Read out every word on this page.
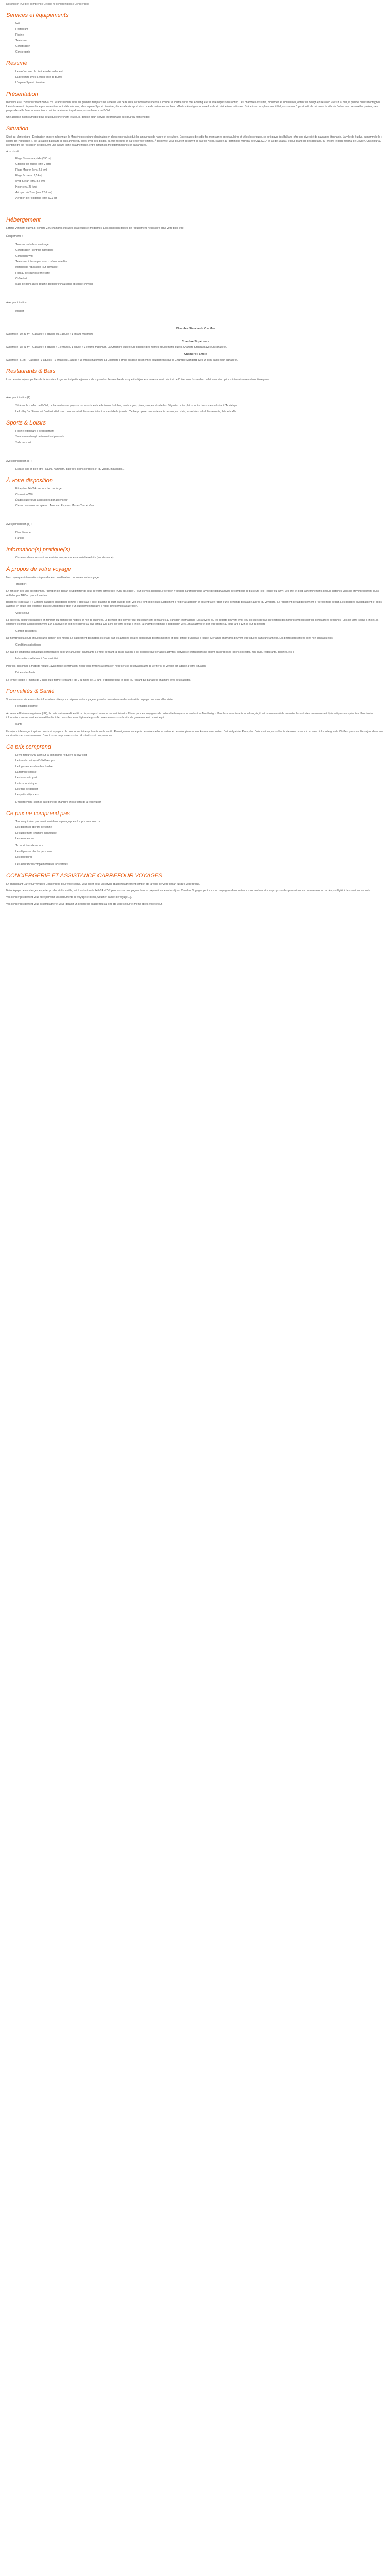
Description | Ce prix comprend | Ce prix ne comprend pas | Conciergerie
Services et équipements
• Wifi
• Restaurant
• Piscine
• Télévision
• Climatisation
• Conciergerie
Résumé
• Le rooftop avec la piscine à débordement
• La proximité avec la vieille ville de Budva
• L'espace Spa et bien-être
Présentation

Bienvenue au l'Hotel Vertmont Budva 5*! L'établissement situé au pied des remparts de la vieille ville de Budva, cet hôtel offre une vue à couper le souffle sur la mer Adriatique et la ville depuis son rooftop. Les chambres et suites, modernes et lumineuses, offrent un design épuré avec vue sur la mer, la piscine ou les montagnes. L'établissement dispose d'une piscine extérieure à débordement, d'un espace Spa et bien-être, d'une salle de sport, ainsi que de restaurants et bars raffinés mêlant gastronomie locale et cuisine internationale. Grâce à son emplacement idéal, vous aurez l'opportunité de découvrir la ville de Budva avec ses ruelles pavées, ses plages de sable fin et son ambiance méditerranéenne, à quelques pas seulement de l'hôtel.

Une adresse incontournable pour ceux qui recherchent le luxe, la détente et un service irréprochable au cœur du Monténégro.

Situation

Situé au Monténégro ! Destination encore méconnue, le Monténégro est une destination en plein essor qui séduit les amoureux de nature et de culture. Entre plages de sable fin, montagnes spectaculaires et villes historiques, ce petit pays des Balkans offre une diversité de paysages étonnante. La ville de Budva, surnommée la « Miami de l'Adriatique », est la station balnéaire la plus animée du pays, avec ses plages, sa vie nocturne et sa vieille ville fortifiée. À proximité, vous pourrez découvrir la baie de Kotor, classée au patrimoine mondial de l'UNESCO, le lac de Skadar, le plus grand lac des Balkans, ou encore le parc national de Lovćen. Un séjour au Monténégro est l'occasion de découvrir une culture riche et authentique, entre influences méditerranéennes et balkaniques.

À proximité :

• Plage Slovenska plaža (350 m)
• Citadelle de Budva (env. 2 km)
• Plage Mogren (env. 2,5 km)
• Plage Jaz (env. 6,5 km)
• Sveti Stefan (env. 8,4 km)
• Kotor (env. 23 km)
• Aéroport de Tivat (env. 22,6 km)
• Aéroport de Podgorica (env. 62,3 km)
Hébergement

L'Hôtel Vertmont Budva 5* compte 226 chambres et suites spacieuses et modernes. Elles disposent toutes de l'équipement nécessaire pour votre bien-être.

Équipements :

• Terrasse ou balcon aménagé
• Climatisation (contrôle individuel)
• Connexion Wifi
• Télévision à écran plat avec chaînes satellite
• Matériel de repassage (sur demande)
• Plateau de courtoisie thé/café
• Coffre-fort
• Salle de bains avec douche, peignoirs/chaussons et sèche-cheveux

Avec participation :

• Minibar
Chambre Standard / Vue Mer

Superficie : 30-33 m² - Capacité : 2 adultes ou 1 adulte + 1 enfant maximum

Chambre Supérieure

Superficie : 38-41 m² - Capacité : 3 adultes + 1 enfant ou 1 adulte + 3 enfants maximum. La Chambre Supérieure dispose des mêmes équipements que la Chambre Standard avec un canapé-lit.

Chambre Famille

Superficie : 51 m² - Capacité : 3 adultes + 1 enfant ou 1 adulte + 3 enfants maximum. La Chambre Famille dispose des mêmes équipements que la Chambre Standard avec un coin salon et un canapé-lit.

Restaurants & Bars

Lors de votre séjour, profitez de la formule « Logement et petit-déjeuner » Vous prendrez l'ensemble de vos petits-déjeuners au restaurant principal de l'hôtel sous forme d'un buffet avec des options internationales et monténégrines.

Avec participation (€) :

• Situé sur le rooftop de l'hôtel, ce bar-restaurant propose un assortiment de boissons fraîches, hamburgers, pâtes, soupes et salades. Dégustez votre plat ou votre boisson en admirant l'Adriatique.
• Le Lobby Bar Sirene est l'endroit idéal pour boire un rafraîchissement à tout moment de la journée. Ce bar propose une vaste carte de vins, cocktails, smoothies, rafraîchissements, thés et cafés.
Sports & Loisirs
• Piscine extérieure à débordement
• Solarium aménagé de transats et parasols
• Salle de sport

Avec participation (€) :

• Espace Spa et bien-être : sauna, hammam, bain turc, soins corporels et du visage, massages...
À votre disposition
• Réception 24h/24 - service de concierge
• Connexion Wifi
• Étages supérieurs accessibles par ascenseur
• Cartes bancaires acceptées : American Express, MasterCard et Visa

Avec participation (€) :

• Blanchisserie
• Parking
Information(s) pratique(s)
• Certaines chambres sont accessibles aux personnes à mobilité réduite (sur demande).
À propos de votre voyage

Merci quelques informations à prendre en considération concernant votre voyage.

• Transport

En fonction des vols sélectionnés, l'aéroport de départ peut différer de celui de votre arrivée (ex : Orly et Roissy). Pour les vols spéciaux, l'aéroport n'est pas garanti lorsque la ville de départ/arrivée se compose de plusieurs (ex : Roissy ou Orly). Les pré- et post- acheminements depuis certaines villes de province peuvent aussi réfléchir par TGV ou par vol intérieur.

Bagages « spéciaux » : Certains bagages considérés comme « spéciaux » (ex : planche de surf, club de golf, vélo etc.) font l'objet d'un supplément à régler à l'aéroport et doivent faire l'objet d'une demande préalable auprès du voyagiste. Le règlement se fait directement à l'aéroport de départ. Les bagages qui dépassent le poids autorisé en soute (par exemple, plus de 23kg) font l'objet d'un supplément tarifaire à régler directement à l'aéroport.

• Votre séjour

La durée du séjour est calculée en fonction du nombre de nuitées et non de journées. Le premier et le dernier jour du séjour sont consacrés au transport international. Les arrivées ou les départs peuvent avoir lieu en cours de nuit en fonction des horaires imposés par les compagnies aériennes. Lors de votre séjour à l'hôtel, la chambre est mise à disposition vers 15h à l'arrivée et doit être libérée au plus tard à 12h. Lors de votre séjour à l'hôtel, la chambre est mise à disposition vers 15h à l'arrivée et doit être libérée au plus tard à 12h le jour du départ.

• Confort des hôtels

De nombreux facteurs influent sur le confort des hôtels. Le classement des hôtels est établi par les autorités locales selon leurs propres normes et peut différer d'un pays à l'autre. Certaines chambres peuvent être situées dans une annexe. Les photos présentées sont non contractuelles.

• Conditions spécifiques

En cas de conditions climatiques défavorables ou d'une affluence insuffisante à l'hôtel pendant la basse saison, il est possible que certaines activités, services et installations ne soient pas proposés (sports collectifs, mini-club, restaurants, piscines, etc.).

• Informations relatives à l'accessibilité

Pour les personnes à mobilité réduite, avant toute confirmation, nous vous invitons à contacter notre service réservation afin de vérifier si le voyage est adapté à votre situation.

• Bébés et enfants

Le terme « bébé » (moins de 2 ans) ou le terme « enfant » (de 2 à moins de 12 ans) s'applique pour le bébé ou l'enfant qui partage la chambre avec deux adultes.

Formalités & Santé

Vous trouverez ci-dessous les informations utiles pour préparer votre voyage et prendre connaissance des actualités du pays que vous allez visiter.

• Formalités d'entrée

Au sein de l'Union européenne (UE), la carte nationale d'identité ou le passeport en cours de validité est suffisant pour les voyageurs de nationalité française se rendant au Monténégro. Pour les ressortissants non français, il est recommandé de consulter les autorités consulaires et diplomatiques compétentes. Pour toutes informations concernant les formalités d'entrée, consultez www.diplomatie.gouv.fr ou rendez-vous sur le site du gouvernement monténégrin.

• Santé

Un séjour à l'étranger implique pour tout voyageur de prendre certaines précautions de santé. Renseignez-vous auprès de votre médecin traitant et de votre pharmacien. Aucune vaccination n'est obligatoire. Pour plus d'informations, consultez le site www.pasteur.fr ou www.diplomatie.gouv.fr. Vérifiez que vous êtes à jour dans vos vaccinations et munissez-vous d'une trousse de premiers soins. Nos tarifs sont par personne.

Ce prix comprend
• Le vol retour et/ou aller sur la compagnie régulière ou low-cost
• Le transfert aéroport/hôtel/aéroport
• Le logement en chambre double
• La formule choisie
• Les taxes aéroport
• La taxe touristique
• Les frais de dossier
• Les petits déjeuners
• L'hébergement selon la catégorie de chambre choisie lors de la réservation
Ce prix ne comprend pas
• Tout ce qui n'est pas mentionné dans la paragraphe « Le prix comprend »
• Les dépenses d'ordre personnel
• Le supplément chambre individuelle
• Les assurances
• Taxes et frais de service
• Les dépenses d'ordre personnel
• Les pourboires
• Les assurances complémentaires facultatives
CONCIERGERIE ET ASSISTANCE CARREFOUR VOYAGES

En choisissant Carrefour Voyages Conciergerie pour votre séjour, vous optez pour un service d'accompagnement complet de la veille de votre départ jusqu'à votre retour.

Notre équipe de concierges, experte, proche et disponible, est à votre écoute 24h/24 et 7j/7 pour vous accompagner dans la préparation de votre séjour. Carrefour Voyages peut vous accompagner dans toutes vos recherches et vous proposer des prestations sur mesure avec un accès privilégié à des services exclusifs.

Vos concierges devront vous faire parvenir vos documents de voyage (e-billets, voucher, carnet de voyage...).

Vos concierges devront vous accompagner et vous garantir un service de qualité tout au long de votre séjour et même après votre retour.
